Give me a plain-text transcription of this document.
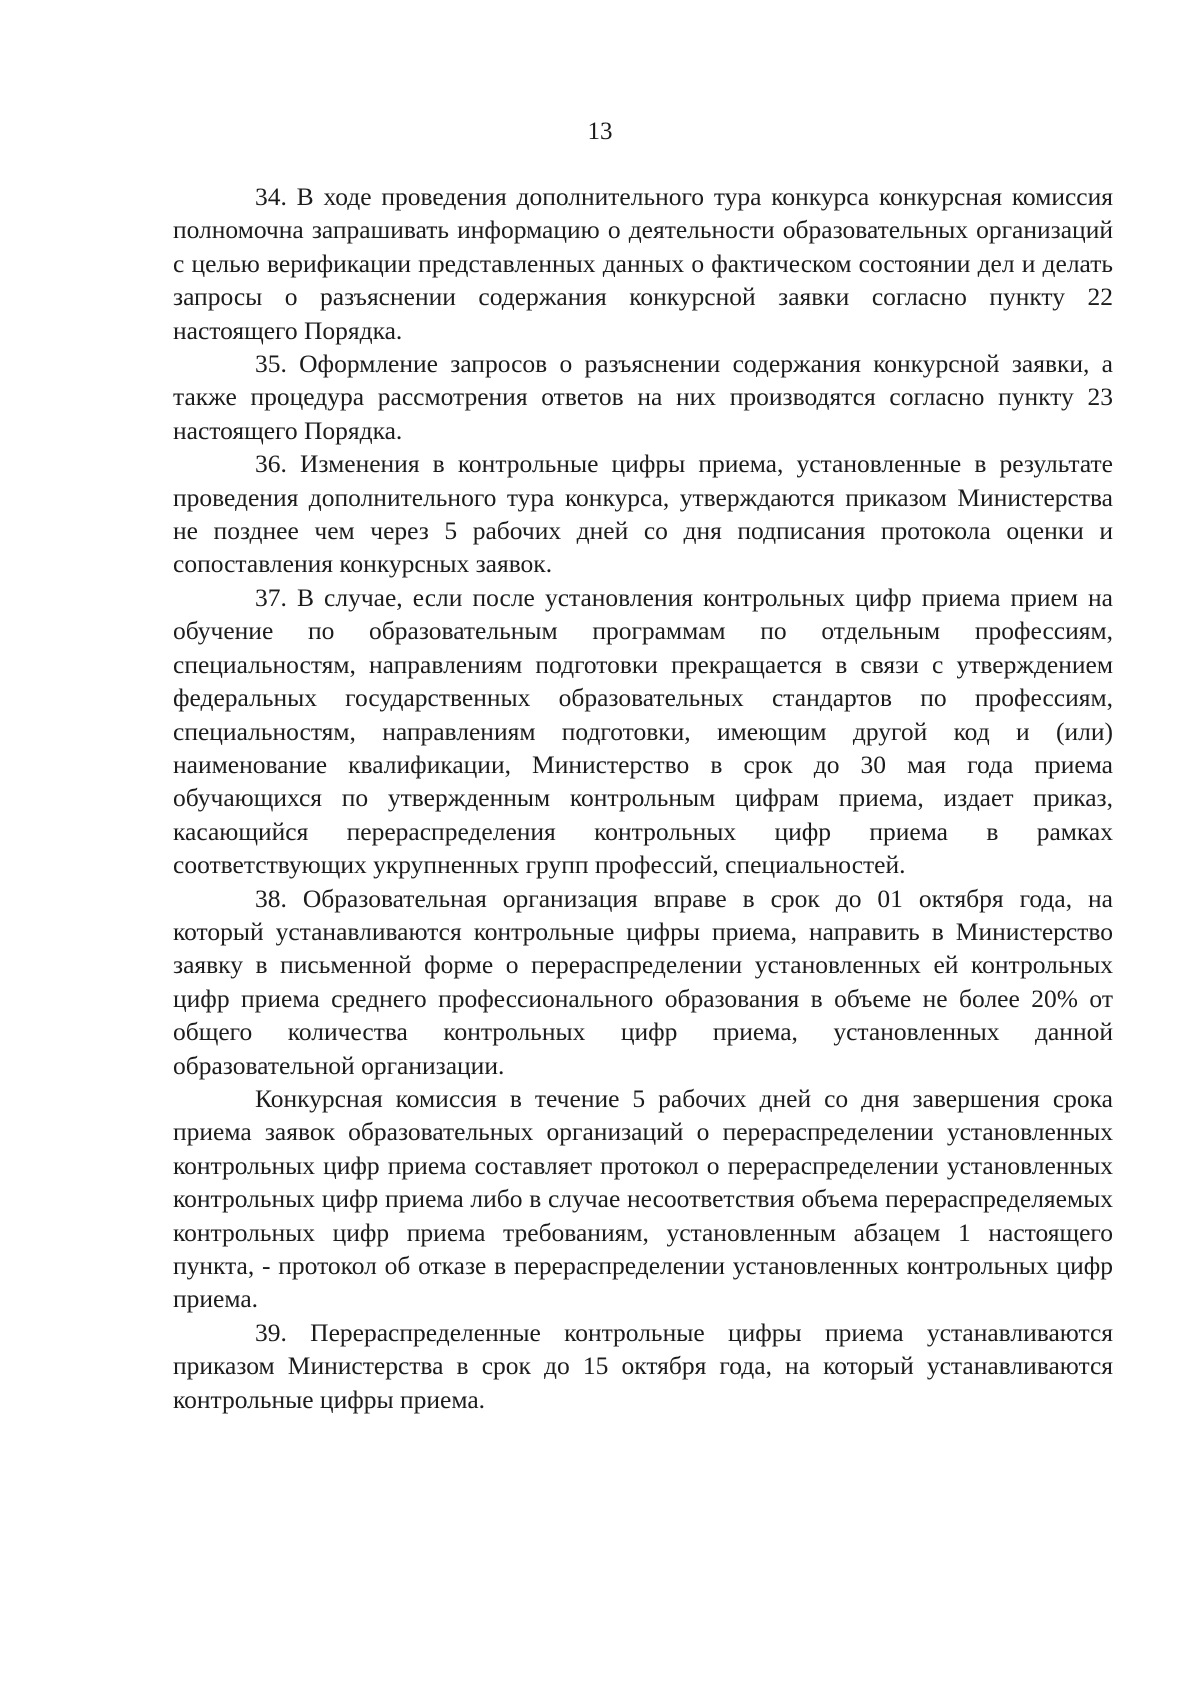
13

34. В ходе проведения дополнительного тура конкурса конкурсная комиссия полномочна запрашивать информацию о деятельности образовательных организаций с целью верификации представленных данных о фактическом состоянии дел и делать запросы о разъяснении содержания конкурсной заявки согласно пункту 22 настоящего Порядка.

35. Оформление запросов о разъяснении содержания конкурсной заявки, а также процедура рассмотрения ответов на них производятся согласно пункту 23 настоящего Порядка.

36. Изменения в контрольные цифры приема, установленные в результате проведения дополнительного тура конкурса, утверждаются приказом Министерства не позднее чем через 5 рабочих дней со дня подписания протокола оценки и сопоставления конкурсных заявок.

37. В случае, если после установления контрольных цифр приема прием на обучение по образовательным программам по отдельным профессиям, специальностям, направлениям подготовки прекращается в связи с утверждением федеральных государственных образовательных стандартов по профессиям, специальностям, направлениям подготовки, имеющим другой код и (или) наименование квалификации, Министерство в срок до 30 мая года приема обучающихся по утвержденным контрольным цифрам приема, издает приказ, касающийся перераспределения контрольных цифр приема в рамках соответствующих укрупненных групп профессий, специальностей.

38. Образовательная организация вправе в срок до 01 октября года, на который устанавливаются контрольные цифры приема, направить в Министерство заявку в письменной форме о перераспределении установленных ей контрольных цифр приема среднего профессионального образования в объеме не более 20% от общего количества контрольных цифр приема, установленных данной образовательной организации.

Конкурсная комиссия в течение 5 рабочих дней со дня завершения срока приема заявок образовательных организаций о перераспределении установленных контрольных цифр приема составляет протокол о перераспределении установленных контрольных цифр приема либо в случае несоответствия объема перераспределяемых контрольных цифр приема требованиям, установленным абзацем 1 настоящего пункта, - протокол об отказе в перераспределении установленных контрольных цифр приема.

39. Перераспределенные контрольные цифры приема устанавливаются приказом Министерства в срок до 15 октября года, на который устанавливаются контрольные цифры приема.
